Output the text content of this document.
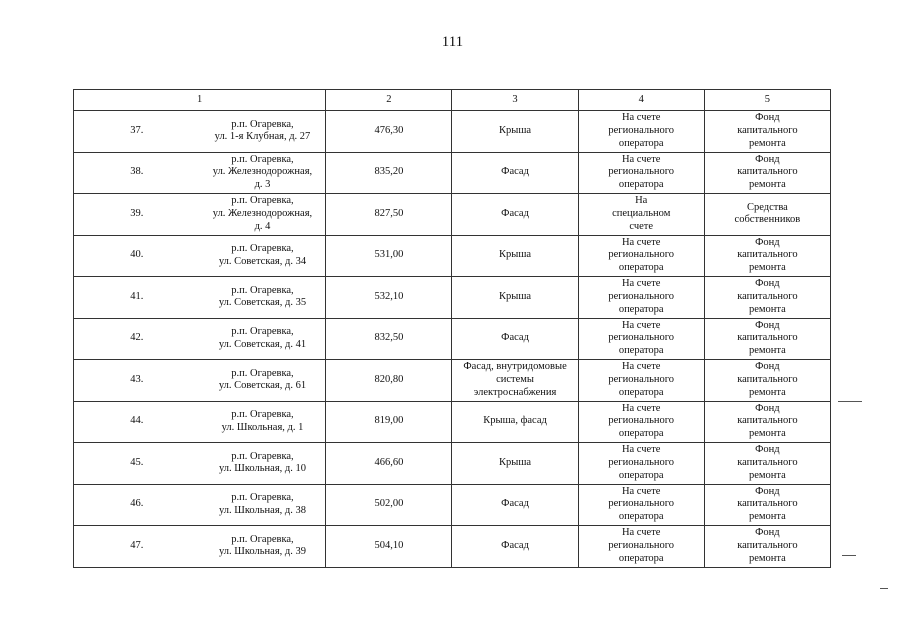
111
1		2	3	4	5
37.	р.п. Огаревка,
ул. 1-я Клубная, д. 27	476,30	Крыша	На счете
регионального
оператора	Фонд
капитального
ремонта

38.	р.п. Огаревка,
ул. Железнодорожная,
д. 3	835,20	Фасад	На счете
регионального
оператора	Фонд
капитального
ремонта

39.	р.п. Огаревка,
ул. Железнодорожная,
д. 4	827,50	Фасад	На
специальном
счете	Средства
собственников

40.	р.п. Огаревка,
ул. Советская, д. 34	531,00	Крыша	На счете
регионального
оператора	Фонд
капитального
ремонта

41.	р.п. Огаревка,
ул. Советская, д. 35	532,10	Крыша	На счете
регионального
оператора	Фонд
капитального
ремонта

42.	р.п. Огаревка,
ул. Советская, д. 41	832,50	Фасад	На счете
регионального
оператора	Фонд
капитального
ремонта

43.	р.п. Огаревка,
ул. Советская, д. 61	820,80	Фасад, внутридомовые системы электроснабжения	На счете
регионального
оператора	Фонд
капитального
ремонта

44.	р.п. Огаревка,
ул. Школьная, д. 1	819,00	Крыша, фасад	На счете
регионального
оператора	Фонд
капитального
ремонта

45.	р.п. Огаревка,
ул. Школьная, д. 10	466,60	Крыша	На счете
регионального
оператора	Фонд
капитального
ремонта

46.	р.п. Огаревка,
ул. Школьная, д. 38	502,00	Фасад	На счете
регионального
оператора	Фонд
капитального
ремонта

47.	р.п. Огаревка,
ул. Школьная, д. 39	504,10	Фасад	На счете
регионального
оператора	Фонд
капитального
ремонта
